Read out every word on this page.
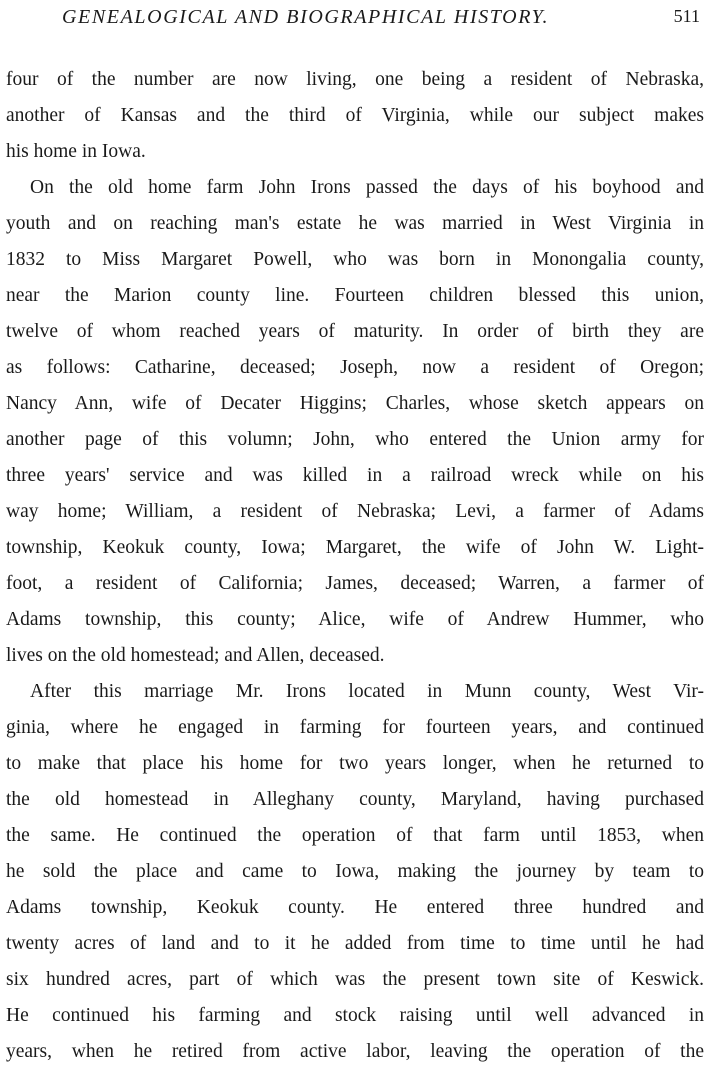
GENEALOGICAL AND BIOGRAPHICAL HISTORY.	511
four of the number are now living, one being a resident of Nebraska,
another of Kansas and the third of Virginia, while our subject makes
his home in Iowa.
On the old home farm John Irons passed the days of his boyhood and
youth and on reaching man's estate he was married in West Virginia in
1832 to Miss Margaret Powell, who was born in Monongalia county,
near the Marion county line. Fourteen children blessed this union,
twelve of whom reached years of maturity. In order of birth they are
as follows: Catharine, deceased; Joseph, now a resident of Oregon;
Nancy Ann, wife of Decater Higgins; Charles, whose sketch appears on
another page of this volumn; John, who entered the Union army for
three years' service and was killed in a railroad wreck while on his
way home; William, a resident of Nebraska; Levi, a farmer of Adams
township, Keokuk county, Iowa; Margaret, the wife of John W. Light-
foot, a resident of California; James, deceased; Warren, a farmer of
Adams township, this county; Alice, wife of Andrew Hummer, who
lives on the old homestead; and Allen, deceased.
After this marriage Mr. Irons located in Munn county, West Vir-
ginia, where he engaged in farming for fourteen years, and continued
to make that place his home for two years longer, when he returned to
the old homestead in Alleghany county, Maryland, having purchased
the same. He continued the operation of that farm until 1853, when
he sold the place and came to Iowa, making the journey by team to
Adams township, Keokuk county. He entered three hundred and
twenty acres of land and to it he added from time to time until he had
six hundred acres, part of which was the present town site of Keswick.
He continued his farming and stock raising until well advanced in
years, when he retired from active labor, leaving the operation of the
